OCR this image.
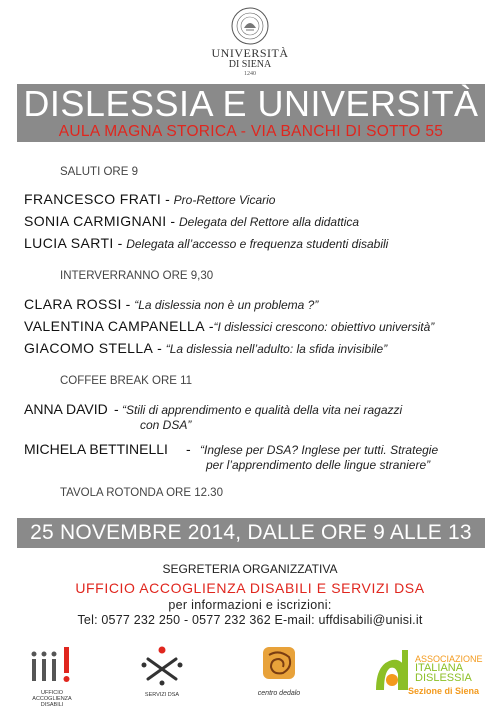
UNIVERSITÀ
DI SIENA
1240
DISLESSIA E UNIVERSITÀ
AULA MAGNA STORICA - VIA BANCHI DI SOTTO 55
SALUTI ORE 9
FRANCESCO FRATI - Pro-Rettore Vicario
SONIA CARMIGNANI - Delegata del Rettore alla didattica
LUCIA SARTI - Delegata all’accesso e frequenza studenti disabili
INTERVERRANNO ORE 9,30
CLARA ROSSI - “La dislessia non è un problema ?”
VALENTINA CAMPANELLA -“I dislessici crescono: obiettivo università”
GIACOMO STELLA - “La dislessia nell’adulto: la sfida invisibile”
COFFEE BREAK ORE 11
ANNA DAVID - “Stili di apprendimento e qualità della vita nei ragazzi
con DSA”
MICHELA BETTINELLI - “Inglese per DSA? Inglese per tutti. Strategie
per l’apprendimento delle lingue straniere”
TAVOLA ROTONDA ORE 12.30
25 NOVEMBRE 2014, DALLE ORE 9 ALLE 13
SEGRETERIA ORGANIZZATIVA
UFFICIO ACCOGLIENZA DISABILI E SERVIZI DSA
per informazioni e iscrizioni:
Tel: 0577 232 250 - 0577 232 362 E-mail: uffdisabili@unisi.it
UFFICIO ACCOGLIENZA DISABILI
SERVIZI DSA	centro dedalo
ASSOCIAZIONE
ITALIANA
DISLESSIA
Sezione di Siena
